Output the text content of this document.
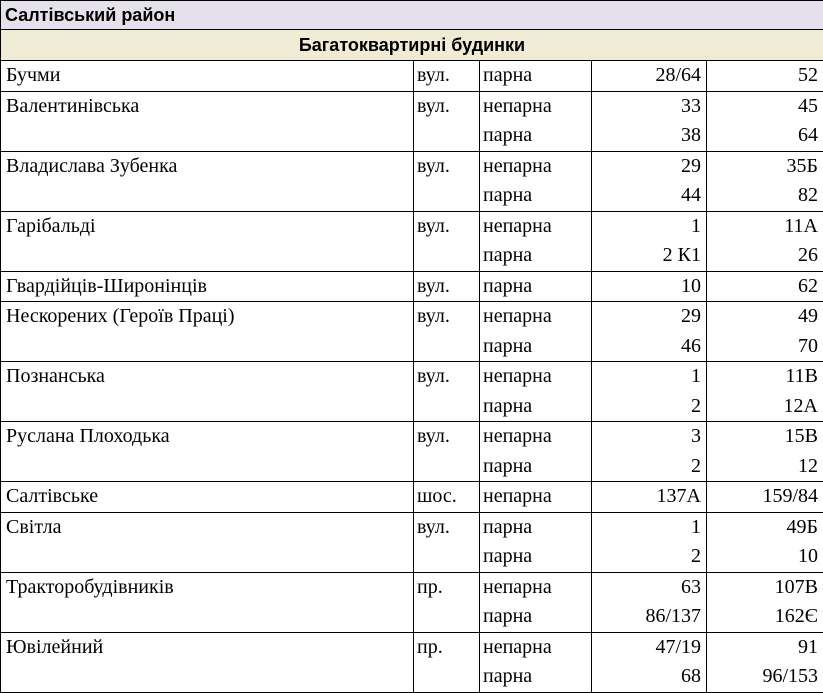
Салтівський район				
Багатоквартирні будинки				
Бучми	вул.	парна	28/64	52
Валентинівська	вул.	непарна	33	45
		парна	38	64
Владислава Зубенка	вул.	непарна	29	35Б
		парна	44	82
Гарібальді	вул.	непарна	1	11А
		парна	2 К1	26
Гвардійців-Широнінців	вул.	парна	10	62
Нескорених (Героїв Праці)	вул.	непарна	29	49
		парна	46	70
Познанська	вул.	непарна	1	11В
		парна	2	12А
Руслана Плоходька	вул.	непарна	3	15В
		парна	2	12
Салтівське	шос.	непарна	137А	159/84
Світла	вул.	парна	1	49Б
		парна	2	10
Тракторобудівників	пр.	непарна	63	107В
		парна	86/137	162Є
Ювілейний	пр.	непарна	47/19	91
		парна	68	96/153
